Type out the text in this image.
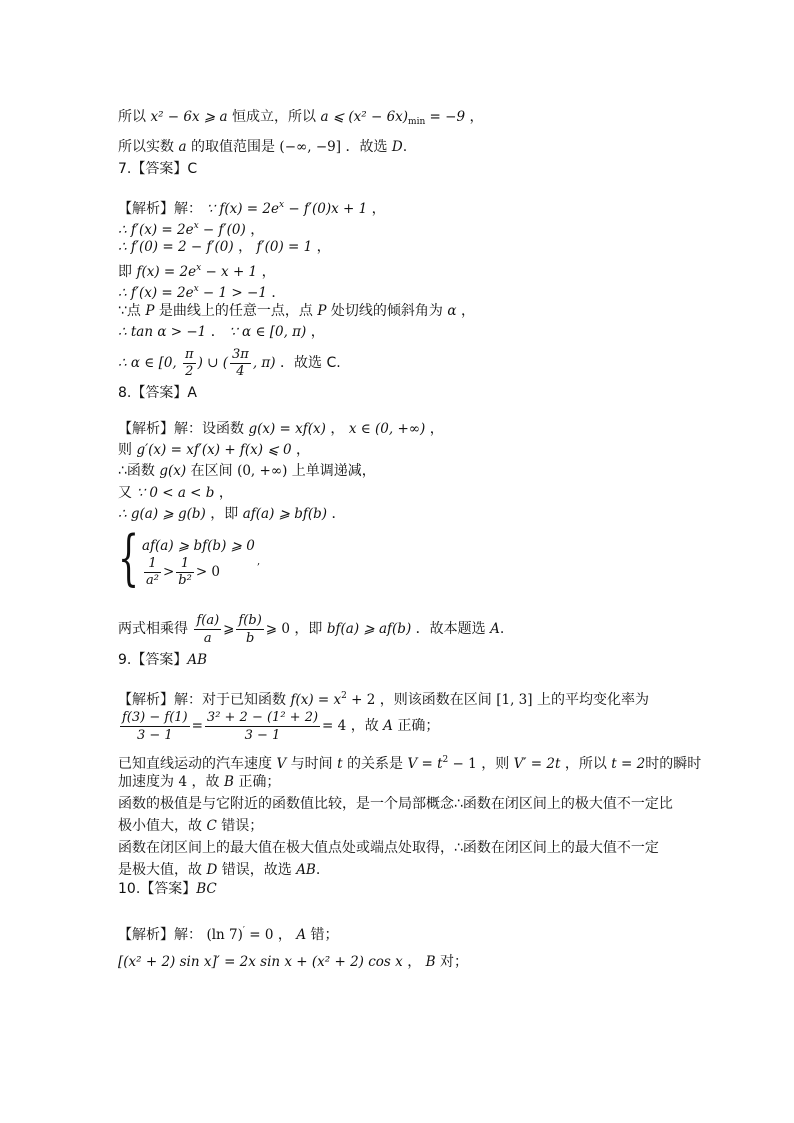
所以 x² − 6x ⩾ a 恒成立，所以 a ⩽ $(x^2 - 6x)_{min} = -9$ ，
所以实数 a 的取值范围是 (−∞, −9] ．故选 D.
7.【答案】C
【解析】解： ∵ $f(x) = 2e^x - f'(0)x + 1$ ，
∴ $f'(x) = 2e^x - f'(0)$ ，
∴ f′(0) = 2 − f′(0) ， f′(0) = 1 ，
即 $f(x) = 2e^x - x + 1$ ，
∴ $f'(x) = 2e^x - 1 > -1$ ．
∵点 P 是曲线上的任意一点，点 P 处切线的倾斜角为 α ，
∴ tan α > −1 ． ∵ α ∈ [0, π) ，
∴ α ∈ [0, $\frac{\pi}{2}$ ) ∪ ( $\frac{3\pi}{4}$ , π) ．故选 C.
8.【答案】A
【解析】解：设函数 g(x) = xf(x) ， x ∈ (0, +∞) ，
则 g′(x) = xf′(x) + f(x) ⩽ 0 ，
∴函数 g(x) 在区间 (0, +∞) 上单调递减，
又 ∵ 0 < a < b ，
∴ g(a) ⩾ g(b) ，即 af(a) ⩾ bf(b) ．
{ af(a) ⩾ bf(b) ⩾ 0
$\frac{1}{\text{a²}} > \frac{1}{\text{b²}} > 0$
,
两式相乘得 $\frac{f(a)}{a}$ ⩾ $\frac{f(b)}{b}$ ⩾ 0 ，即 bf(a) ⩾ af(b) ．故本题选 A.
9.【答案】AB
【解析】解：对于已知函数 $f(x) = x^2 + 2$ ，则该函数在区间 [1, 3] 上的平均变化率为
$\frac{f(3) - f(1)}{3 - 1} = \frac{\text{3² + 2 − (1² + 2)}}{3 - 1} = 4$ ，故 A 正确；
已知直线运动的汽车速度 V 与时间 t 的关系是 $V = t^2 - 1$ ，则 V′ = 2t ，所以 t = 2时的瞬时
加速度为 4 ，故 B 正确；
函数的极值是与它附近的函数值比较，是一个局部概念∴函数在闭区间上的极大值不一定比
极小值大，故 C 错误；
函数在闭区间上的最大值在极大值点处或端点处取得，∴函数在闭区间上的最大值不一定
是极大值，故 D 错误，故选 AB.
10.【答案】BC
【解析】解： (ln 7)′ = 0 ， A 错；
[(x² + 2) sin x]′ = 2x sin x + (x² + 2) cos x ， B 对；
